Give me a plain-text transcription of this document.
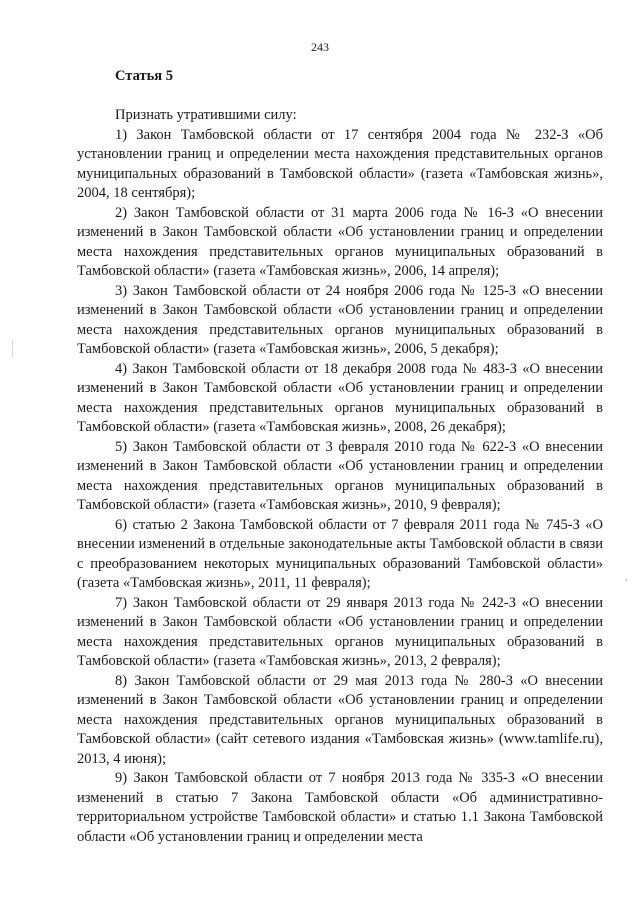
243
¸
Статья 5

Признать утратившими силу:

1) Закон Тамбовской области от 17 сентября 2004 года № 232-З «Об установлении границ и определении места нахождения представительных органов муниципальных образований в Тамбовской области» (газета «Тамбовская жизнь», 2004, 18 сентября);

2) Закон Тамбовской области от 31 марта 2006 года № 16-З «О внесении изменений в Закон Тамбовской области «Об установлении границ и определении места нахождения представительных органов муниципальных образований в Тамбовской области» (газета «Тамбовская жизнь», 2006, 14 апреля);

3) Закон Тамбовской области от 24 ноября 2006 года № 125-З «О внесении изменений в Закон Тамбовской области «Об установлении границ и определении места нахождения представительных органов муниципальных образований в Тамбовской области» (газета «Тамбовская жизнь», 2006, 5 декабря);

4) Закон Тамбовской области от 18 декабря 2008 года № 483-З «О внесении изменений в Закон Тамбовской области «Об установлении границ и определении места нахождения представительных органов муниципальных образований в Тамбовской области» (газета «Тамбовская жизнь», 2008, 26 декабря);

5) Закон Тамбовской области от 3 февраля 2010 года № 622-З «О внесении изменений в Закон Тамбовской области «Об установлении границ и определении места нахождения представительных органов муниципальных образований в Тамбовской области» (газета «Тамбовская жизнь», 2010, 9 февраля);

6) статью 2 Закона Тамбовской области от 7 февраля 2011 года № 745-З «О внесении изменений в отдельные законодательные акты Тамбовской области в связи с преобразованием некоторых муниципальных образований Тамбовской области» (газета «Тамбовская жизнь», 2011, 11 февраля);

7) Закон Тамбовской области от 29 января 2013 года № 242-З «О внесении изменений в Закон Тамбовской области «Об установлении границ и определении места нахождения представительных органов муниципальных образований в Тамбовской области» (газета «Тамбовская жизнь», 2013, 2 февраля);

8) Закон Тамбовской области от 29 мая 2013 года № 280-З «О внесении изменений в Закон Тамбовской области «Об установлении границ и определении места нахождения представительных органов муниципальных образований в Тамбовской области» (сайт сетевого издания «Тамбовская жизнь» (www.tamlife.ru), 2013, 4 июня);

9) Закон Тамбовской области от 7 ноября 2013 года № 335-З «О внесении изменений в статью 7 Закона Тамбовской области «Об административно-территориальном устройстве Тамбовской области» и статью 1.1 Закона Тамбовской области «Об установлении границ и определении места
